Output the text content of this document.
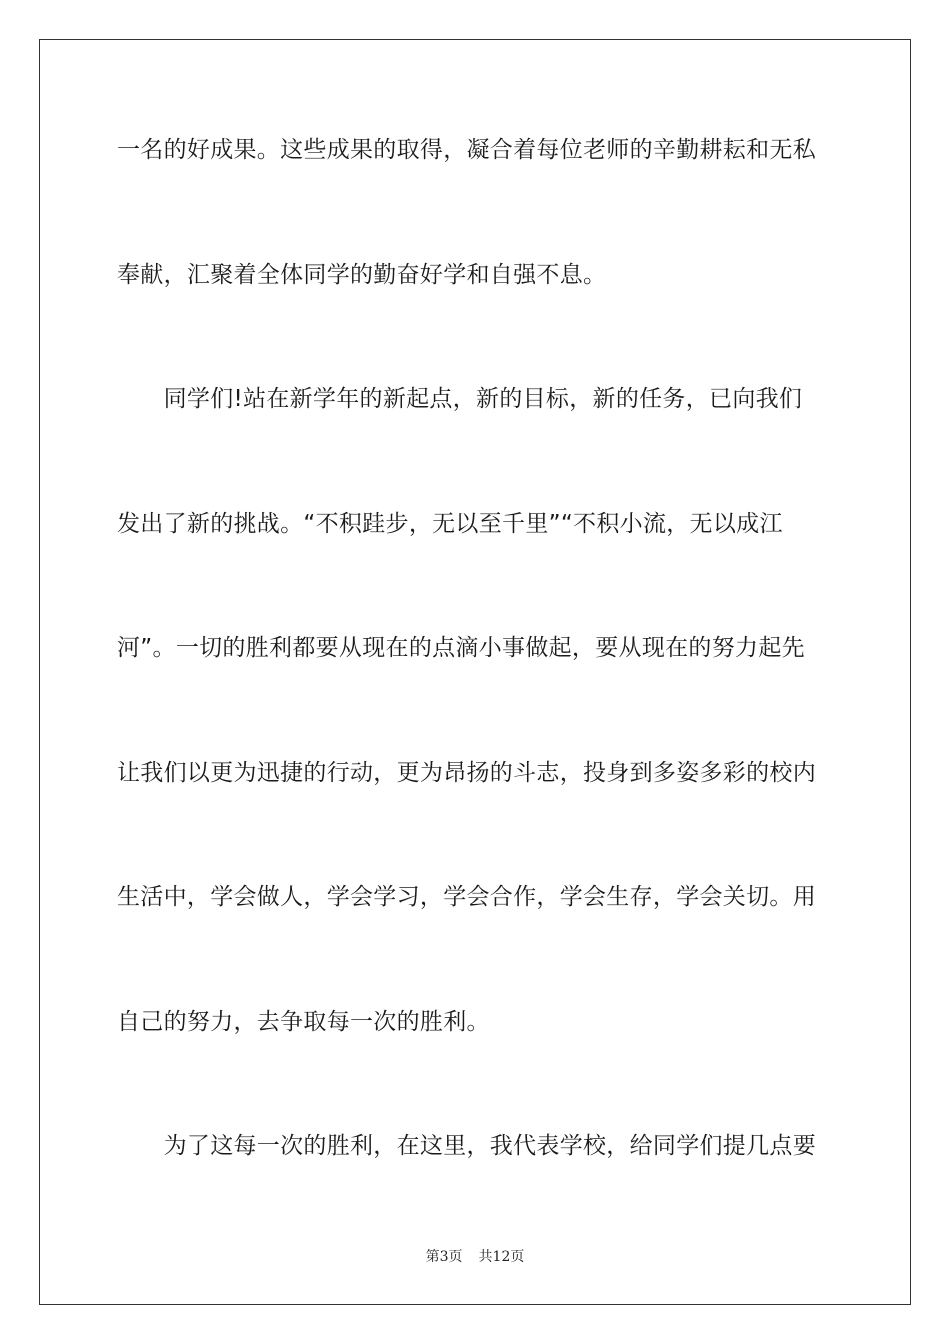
一名的好成果。这些成果的取得，凝合着每位老师的辛勤耕耘和无私
奉献，汇聚着全体同学的勤奋好学和自强不息。
　　同学们!站在新学年的新起点，新的目标，新的任务，已向我们
发出了新的挑战。“不积跬步，无以至千里”“不积小流，无以成江
河”。一切的胜利都要从现在的点滴小事做起，要从现在的努力起先
让我们以更为迅捷的行动，更为昂扬的斗志，投身到多姿多彩的校内
生活中，学会做人，学会学习，学会合作，学会生存，学会关切。用
自己的努力，去争取每一次的胜利。
　　为了这每一次的胜利，在这里，我代表学校，给同学们提几点要
第3页 共12页
